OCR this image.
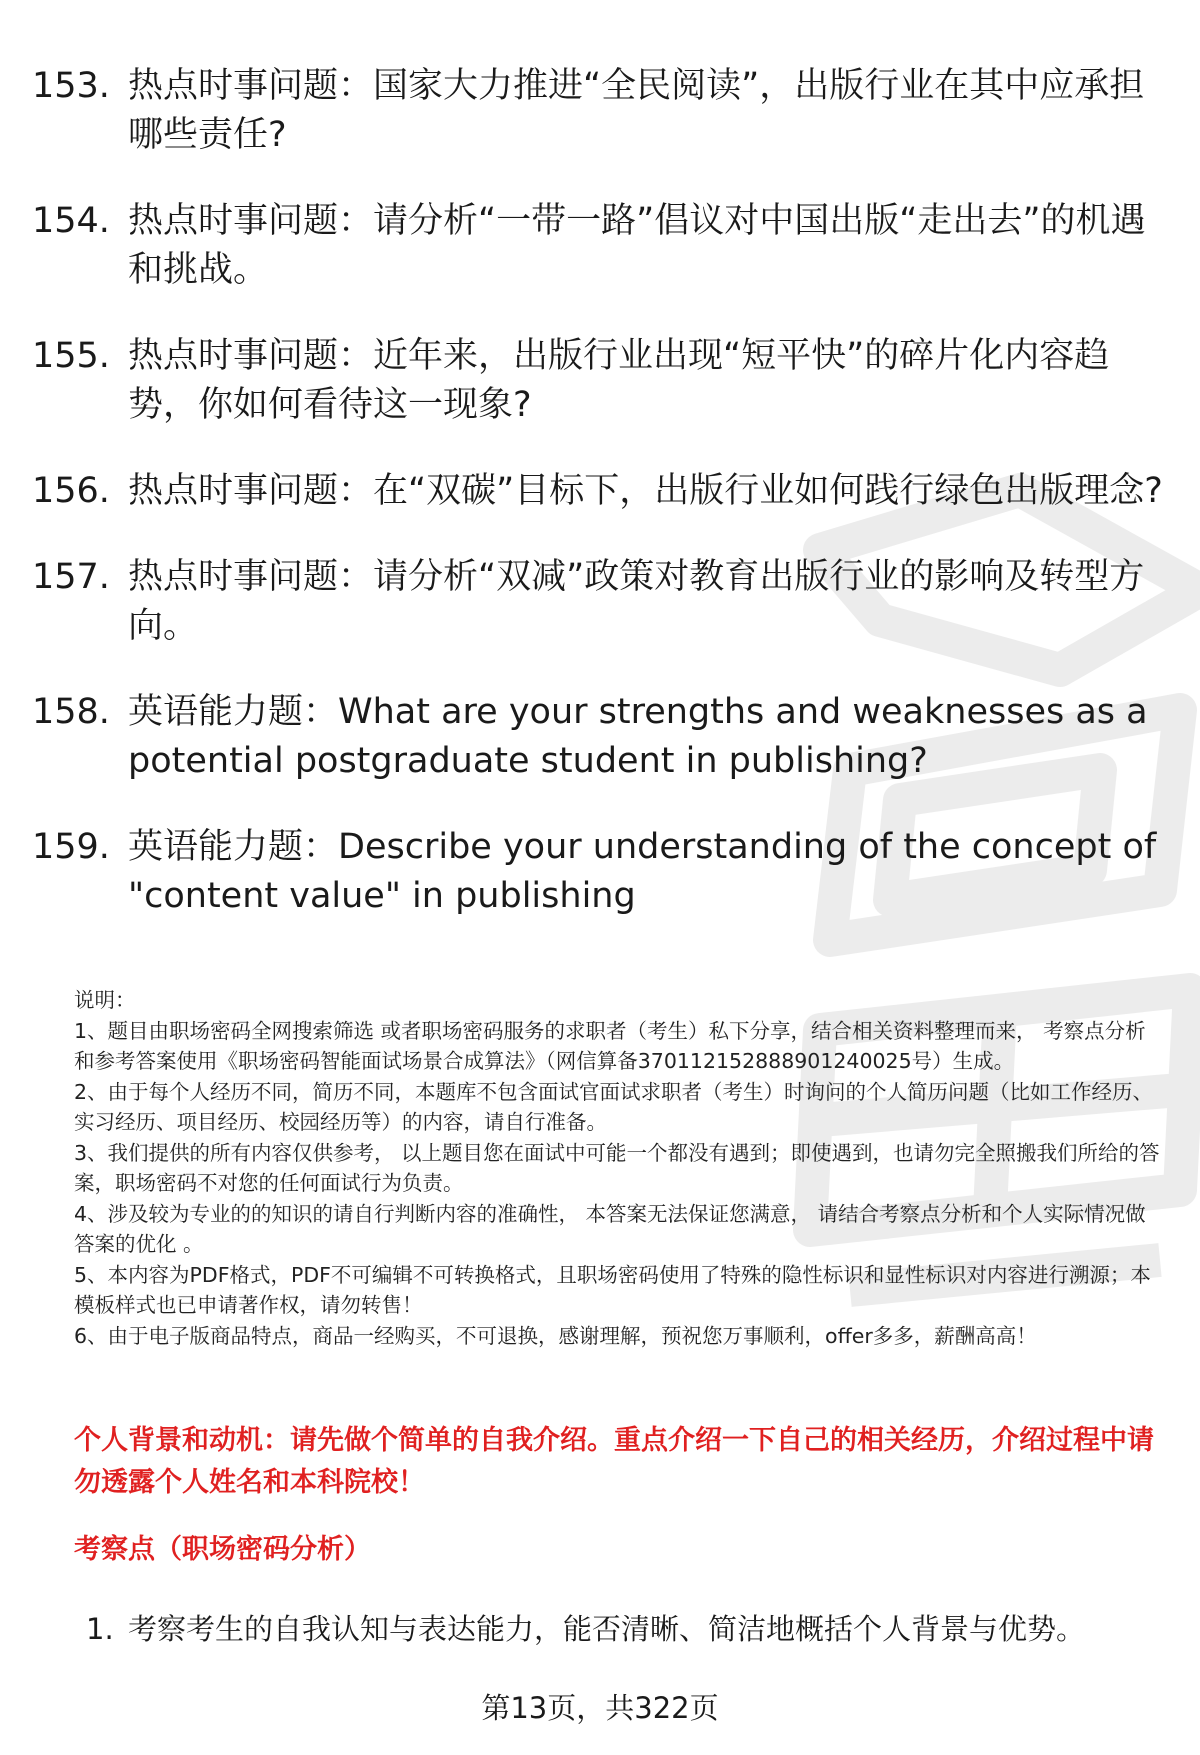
153. 热点时事问题：国家大力推进“全民阅读”，出版行业在其中应承担哪些责任?
154. 热点时事问题：请分析“一带一路”倡议对中国出版“走出去”的机遇和挑战。
155. 热点时事问题：近年来，出版行业出现“短平快”的碎片化内容趋势，你如何看待这一现象?
156. 热点时事问题：在“双碳”目标下，出版行业如何践行绿色出版理念?
157. 热点时事问题：请分析“双减”政策对教育出版行业的影响及转型方向。
158. 英语能力题：What are your strengths and weaknesses as a potential postgraduate student in publishing?
159. 英语能力题：Describe your understanding of the concept of "content value" in publishing

说明：

1、题目由职场密码全网搜索筛选 或者职场密码服务的求职者（考生）私下分享，结合相关资料整理而来， 考察点分析和参考答案使用《职场密码智能面试场景合成算法》（网信算备370112152888901240025号）生成。

2、由于每个人经历不同，简历不同，本题库不包含面试官面试求职者（考生）时询问的个人简历问题（比如工作经历、实习经历、项目经历、校园经历等）的内容，请自行准备。

3、我们提供的所有内容仅供参考， 以上题目您在面试中可能一个都没有遇到；即使遇到，也请勿完全照搬我们所给的答案，职场密码不对您的任何面试行为负责。

4、涉及较为专业的的知识的请自行判断内容的准确性， 本答案无法保证您满意， 请结合考察点分析和个人实际情况做答案的优化 。

5、本内容为PDF格式，PDF不可编辑不可转换格式，且职场密码使用了特殊的隐性标识和显性标识对内容进行溯源；本模板样式也已申请著作权，请勿转售！

6、由于电子版商品特点，商品一经购买，不可退换，感谢理解，预祝您万事顺利，offer多多，薪酬高高！

个人背景和动机：请先做个简单的自我介绍。重点介绍一下自己的相关经历，介绍过程中请勿透露个人姓名和本科院校！
考察点（职场密码分析）
1. 考察考生的自我认知与表达能力，能否清晰、简洁地概括个人背景与优势。
第13页，共322页
